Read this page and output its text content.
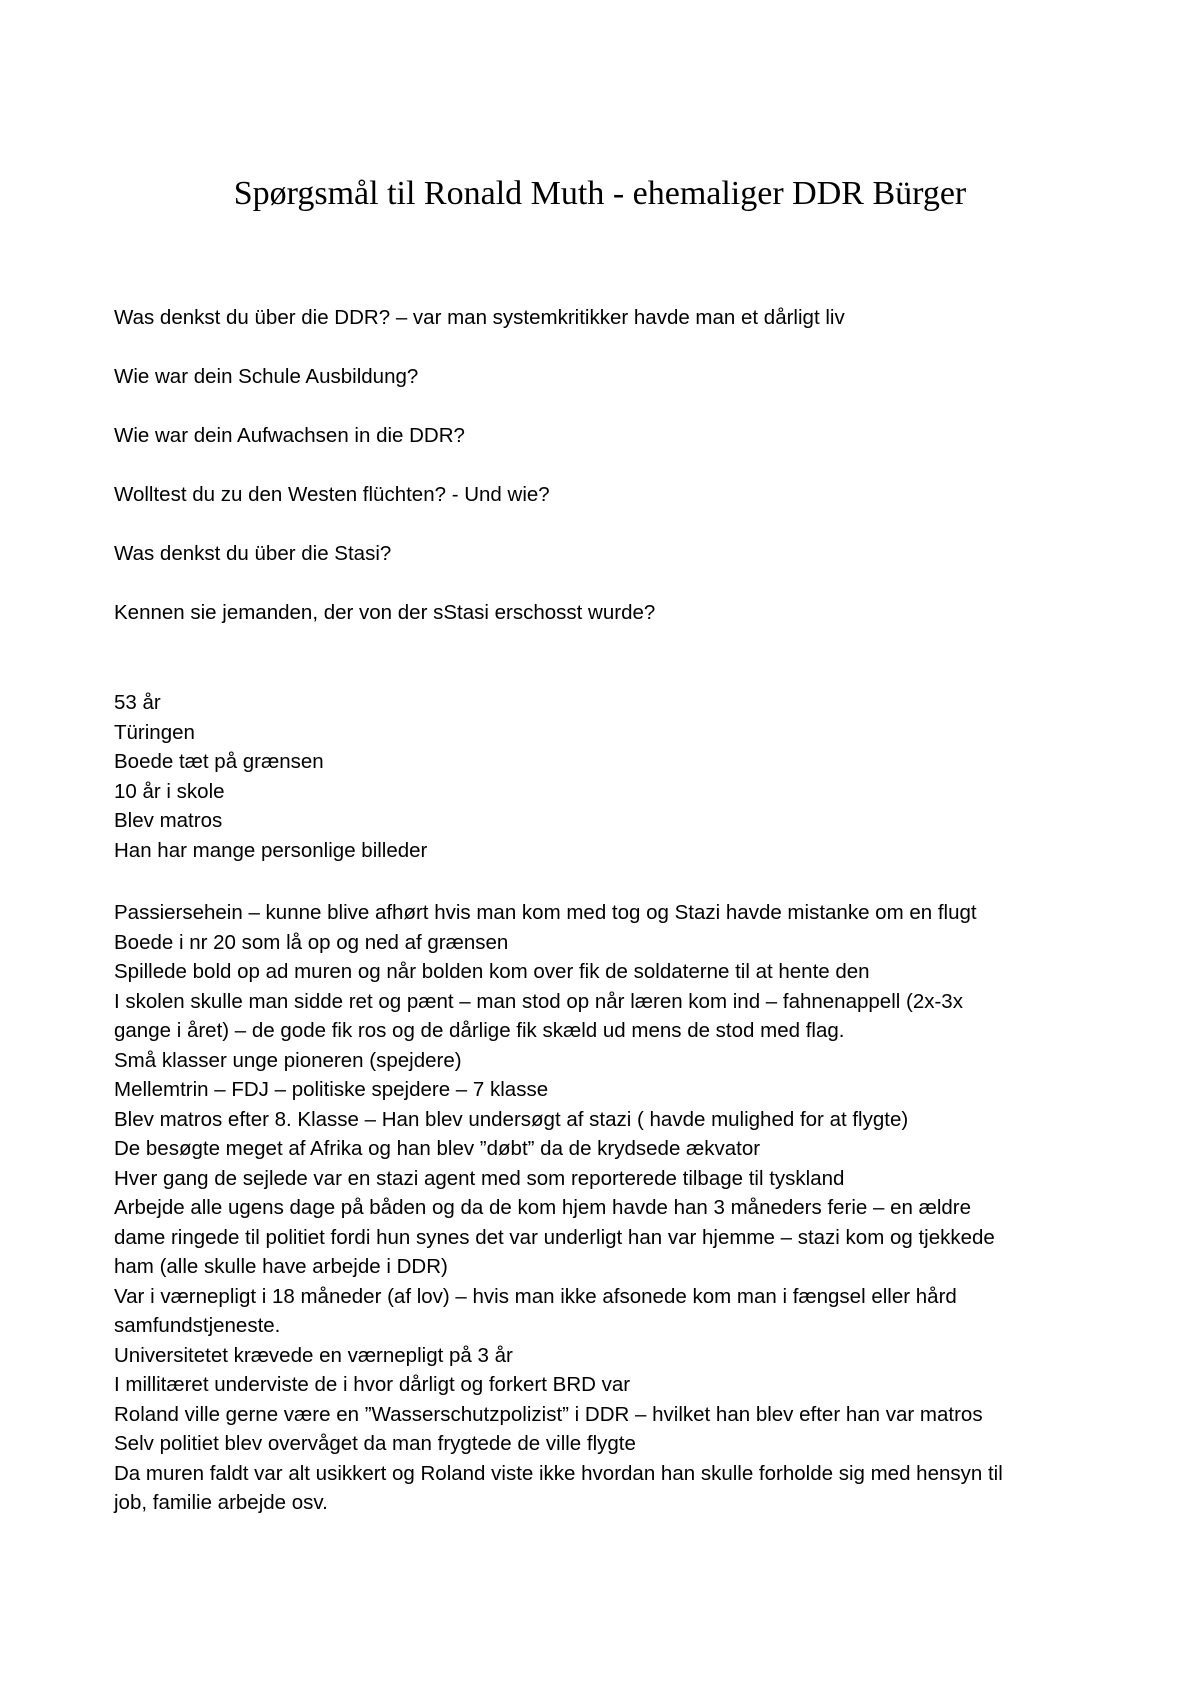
Spørgsmål til Ronald Muth - ehemaliger DDR Bürger
Was denkst du über die DDR? – var man systemkritikker havde man et dårligt liv
Wie war dein Schule Ausbildung?
Wie war dein Aufwachsen in die DDR?
Wolltest du zu den Westen flüchten? - Und wie?
Was denkst du über die Stasi?
Kennen sie jemanden, der von der sStasi erschosst wurde?
53 år
Türingen
Boede tæt på grænsen
10 år i skole
Blev matros
Han har mange personlige billeder
Passiersehein – kunne blive afhørt hvis man kom med tog og Stazi havde mistanke om en flugt
Boede i nr 20 som lå op og ned af grænsen
Spillede bold op ad muren og når bolden kom over fik de soldaterne til at hente den
I skolen skulle man sidde ret og pænt – man stod op når læren kom ind – fahnenappell (2x-3x
gange i året) – de gode fik ros og de dårlige fik skæld ud mens de stod med flag.
Små klasser unge pioneren (spejdere)
Mellemtrin – FDJ – politiske spejdere – 7 klasse
Blev matros efter 8. Klasse – Han blev undersøgt af stazi ( havde mulighed for at flygte)
De besøgte meget af Afrika og han blev ”døbt” da de krydsede ækvator
Hver gang de sejlede var en stazi agent med som reporterede tilbage til tyskland
Arbejde alle ugens dage på båden og da de kom hjem havde han 3 måneders ferie – en ældre
dame ringede til politiet fordi hun synes det var underligt han var hjemme – stazi kom og tjekkede
ham (alle skulle have arbejde i DDR)
Var i værnepligt i 18 måneder (af lov) – hvis man ikke afsonede kom man i fængsel eller hård
samfundstjeneste.
Universitetet krævede en værnepligt på 3 år
I millitæret underviste de i hvor dårligt og forkert BRD var
Roland ville gerne være en ”Wasserschutzpolizist” i DDR – hvilket han blev efter han var matros
Selv politiet blev overvåget da man frygtede de ville flygte
Da muren faldt var alt usikkert og Roland viste ikke hvordan han skulle forholde sig med hensyn til
job, familie arbejde osv.
